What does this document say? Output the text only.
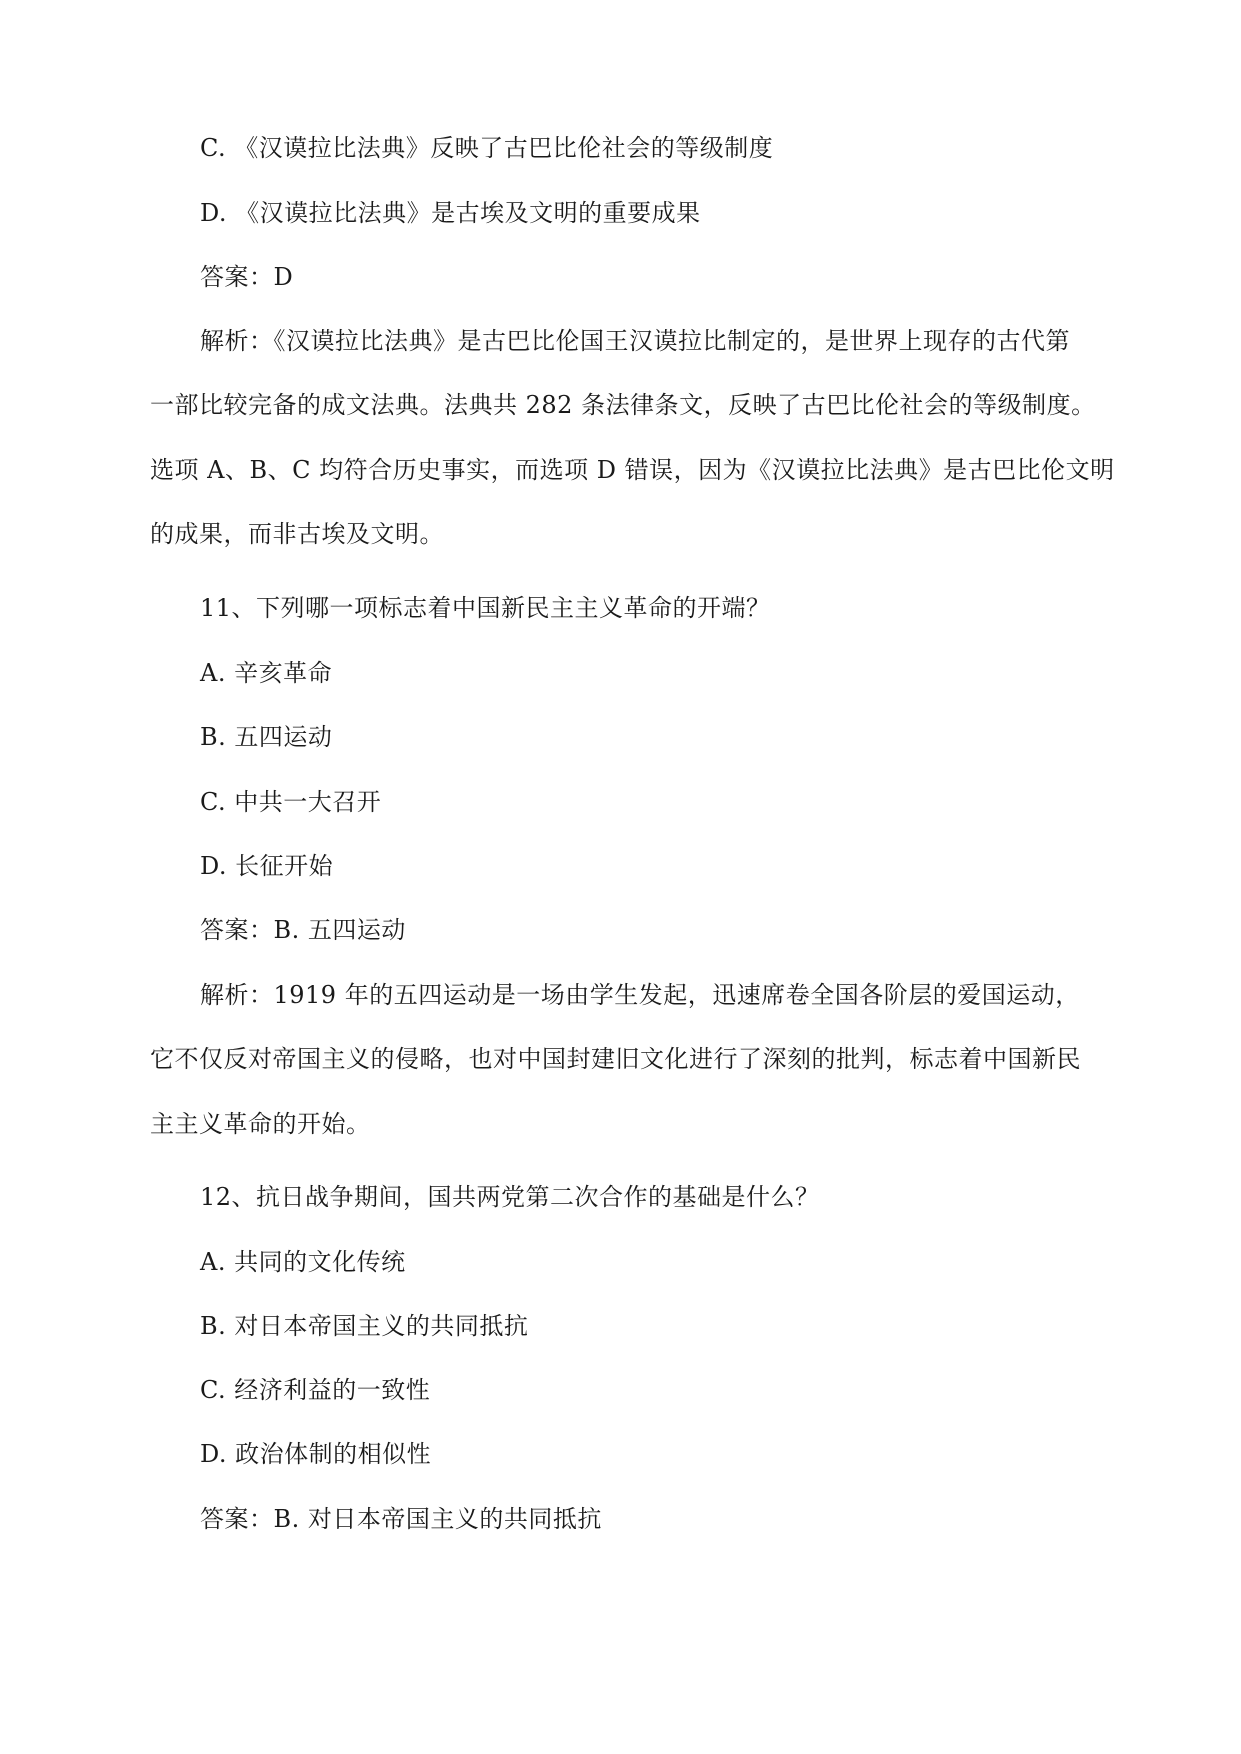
C. 《汉谟拉比法典》反映了古巴比伦社会的等级制度
D. 《汉谟拉比法典》是古埃及文明的重要成果
答案：D
解析：《汉谟拉比法典》是古巴比伦国王汉谟拉比制定的，是世界上现存的古代第
一部比较完备的成文法典。法典共 282 条法律条文，反映了古巴比伦社会的等级制度。
选项 A、B、C 均符合历史事实，而选项 D 错误，因为《汉谟拉比法典》是古巴比伦文明
的成果，而非古埃及文明。
11、下列哪一项标志着中国新民主主义革命的开端？
A. 辛亥革命
B. 五四运动
C. 中共一大召开
D. 长征开始
答案：B. 五四运动
解析：1919 年的五四运动是一场由学生发起，迅速席卷全国各阶层的爱国运动，
它不仅反对帝国主义的侵略，也对中国封建旧文化进行了深刻的批判，标志着中国新民
主主义革命的开始。
12、抗日战争期间，国共两党第二次合作的基础是什么？
A. 共同的文化传统
B. 对日本帝国主义的共同抵抗
C. 经济利益的一致性
D. 政治体制的相似性
答案：B. 对日本帝国主义的共同抵抗
